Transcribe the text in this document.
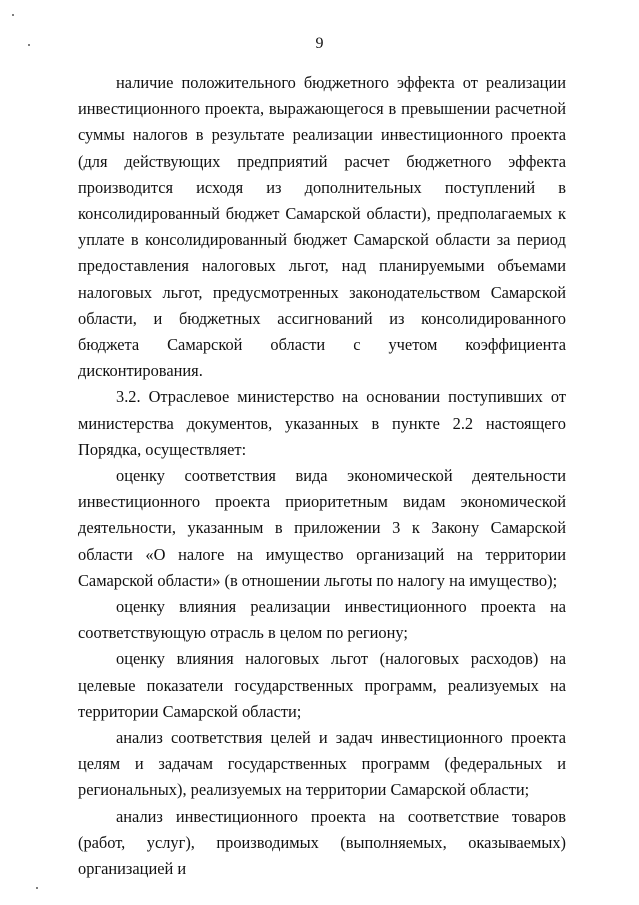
9

наличие положительного бюджетного эффекта от реализации инвестиционного проекта, выражающегося в превышении расчетной суммы налогов в результате реализации инвестиционного проекта (для действующих предприятий расчет бюджетного эффекта производится исходя из дополнительных поступлений в консолидированный бюджет Самарской области), предполагаемых к уплате в консолидированный бюджет Самарской области за период предоставления налоговых льгот, над планируемыми объемами налоговых льгот, предусмотренных законодательством Самарской области, и бюджетных ассигнований из консолидированного бюджета Самарской области с учетом коэффициента дисконтирования.

3.2. Отраслевое министерство на основании поступивших от министерства документов, указанных в пункте 2.2 настоящего Порядка, осуществляет:

оценку соответствия вида экономической деятельности инвестиционного проекта приоритетным видам экономической деятельности, указанным в приложении 3 к Закону Самарской области «О налоге на имущество организаций на территории Самарской области» (в отношении льготы по налогу на имущество);

оценку влияния реализации инвестиционного проекта на соответствующую отрасль в целом по региону;

оценку влияния налоговых льгот (налоговых расходов) на целевые показатели государственных программ, реализуемых на территории Самарской области;

анализ соответствия целей и задач инвестиционного проекта целям и задачам государственных программ (федеральных и региональных), реализуемых на территории Самарской области;

анализ инвестиционного проекта на соответствие товаров (работ, услуг), производимых (выполняемых, оказываемых) организацией и
